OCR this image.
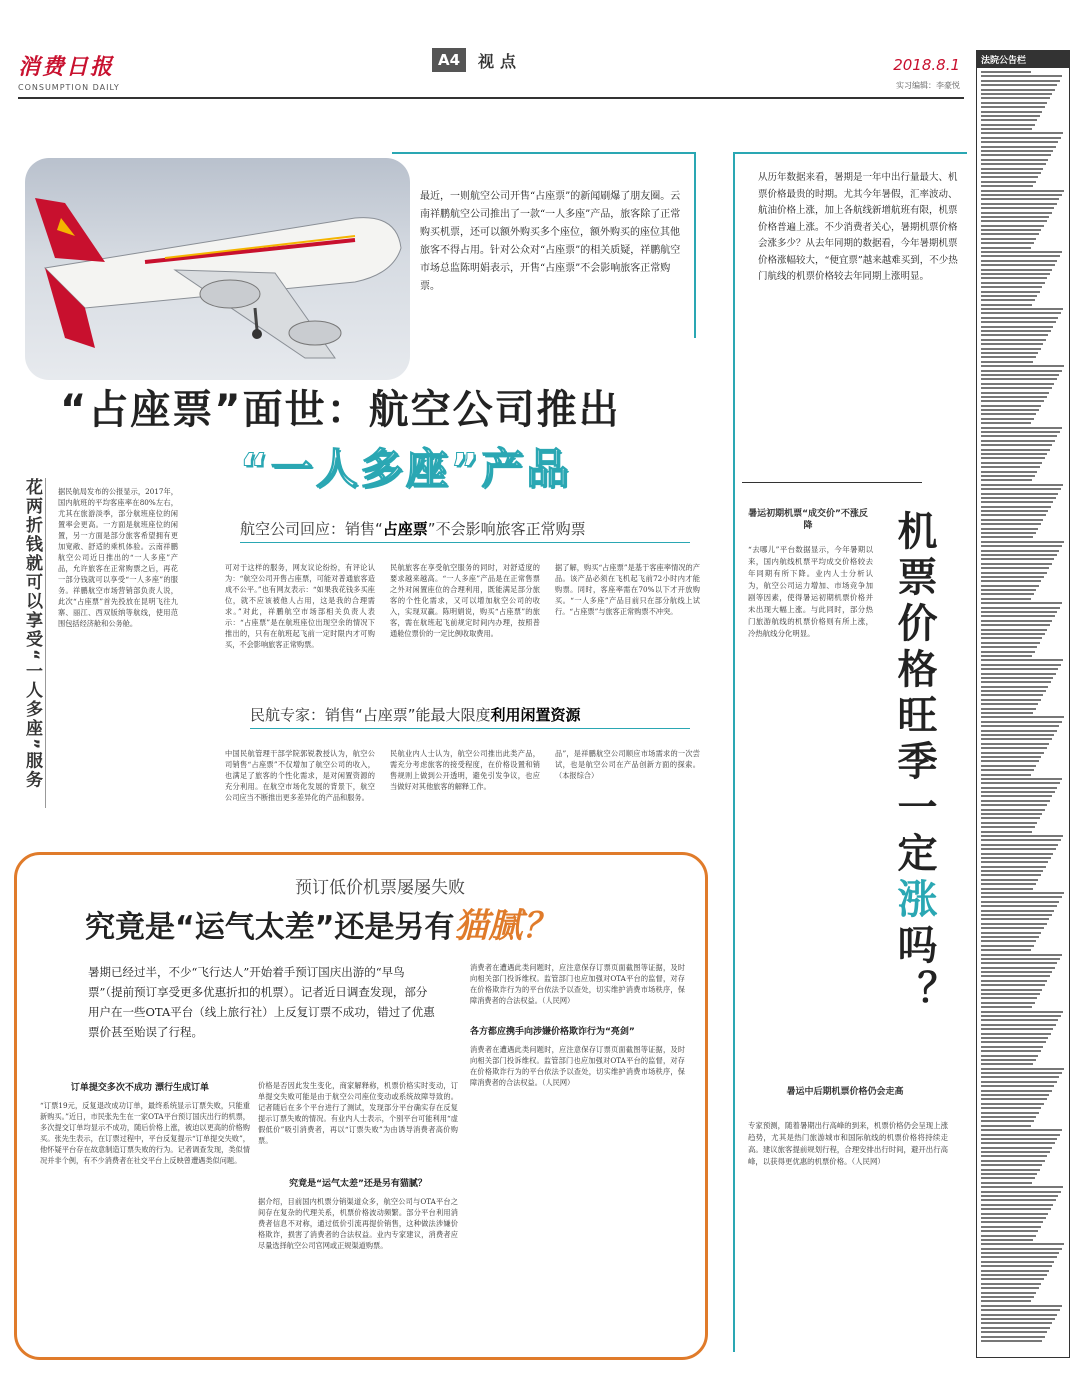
消费日报
CONSUMPTION DAILY
A4	视点	2018.8.1
实习编辑：李豪悦
法院公告栏
最近，一则航空公司开售“占座票”的新闻刷爆了朋友圈。云南祥鹏航空公司推出了一款“一人多座”产品，旅客除了正常购买机票，还可以额外购买多个座位，额外购买的座位其他旅客不得占用。针对公众对“占座票”的相关质疑，祥鹏航空市场总监陈明娟表示，开售“占座票”不会影响旅客正常购票。
“占座票”面世：航空公司推出
“一人多座”产品
花两折钱就可以享受“一人多座”服务	据民航局发布的公报显示，2017年，国内航班的平均客座率在80%左右，尤其在旅游淡季，部分航班座位的闲置率会更高。一方面是航班座位的闲置，另一方面是部分旅客希望拥有更加宽敞、舒适的乘机体验。云南祥鹏航空公司近日推出的“一人多座”产品，允许旅客在正常购票之后，再花一部分钱就可以享受“一人多座”的服务。祥鹏航空市场营销部负责人说，此次“占座票”首先投放在昆明飞往九寨、丽江、西双版纳等航线，使用范围包括经济舱和公务舱。
航空公司回应：销售“占座票”不会影响旅客正常购票
可对于这样的服务，网友议论纷纷，有评论认为：“航空公司开售占座票，可能对普通旅客造成不公平。”也有网友表示：“如果我花钱多买座位，就不应该被他人占用，这是我的合理需求。”对此，祥鹏航空市场部相关负责人表示：“占座票”是在航班座位出现空余的情况下推出的，只有在航班起飞前一定时限内才可购买，不会影响旅客正常购票。
民航旅客在享受航空服务的同时，对舒适度的要求越来越高。“一人多座”产品是在正常售票之外对闲置座位的合理利用，既能满足部分旅客的个性化需求，又可以增加航空公司的收入，实现双赢。陈明娟说，购买“占座票”的旅客，需在航班起飞前规定时间内办理，按照普通舱位票价的一定比例收取费用。
据了解，购买“占座票”是基于客座率情况的产品。该产品必须在飞机起飞前72小时内才能购票。同时，客座率需在70%以下才开放购买。“一人多座”产品目前只在部分航线上试行。“占座票”与旅客正常购票不冲突。
民航专家：销售“占座票”能最大限度利用闲置资源
中国民航管理干部学院郭锐教授认为，航空公司销售“占座票”不仅增加了航空公司的收入，也满足了旅客的个性化需求，是对闲置资源的充分利用。在航空市场化发展的背景下，航空公司应当不断推出更多差异化的产品和服务。
民航业内人士认为，航空公司推出此类产品，需充分考虑旅客的接受程度，在价格设置和销售规则上做到公开透明，避免引发争议，也应当做好对其他旅客的解释工作。
品”，是祥鹏航空公司顺应市场需求的一次尝试，也是航空公司在产品创新方面的探索。（本报综合）
预订低价机票屡屡失败
究竟是“运气太差”还是另有猫腻？
暑期已经过半，不少“飞行达人”开始着手预订国庆出游的“早鸟票”（提前预订享受更多优惠折扣的机票）。记者近日调查发现，部分用户在一些OTA平台（线上旅行社）上反复订票不成功，错过了优惠票价甚至贻误了行程。
订单提交多次不成功 漂行生成订单
“订票19元，反复退改成功订单，最终系统显示订票失败，只能重新购买。”近日，市民张先生在一家OTA平台预订国庆出行的机票，多次提交订单均显示不成功，随后价格上涨，被迫以更高的价格购买。张先生表示，在订票过程中，平台反复提示“订单提交失败”，他怀疑平台存在故意制造订票失败的行为。记者调查发现，类似情况并非个例，有不少消费者在社交平台上反映曾遭遇类似问题。
价格是否因此发生变化，商家解释称，机票价格实时变动，订单提交失败可能是由于航空公司座位变动或系统故障导致的。记者随后在多个平台进行了测试，发现部分平台确实存在反复提示订票失败的情况。有业内人士表示，个别平台可能利用“虚假低价”吸引消费者，再以“订票失败”为由诱导消费者高价购票。
究竟是“运气太差”还是另有猫腻？
据介绍，目前国内机票分销渠道众多，航空公司与OTA平台之间存在复杂的代理关系，机票价格波动频繁。部分平台利用消费者信息不对称，通过低价引流再提价销售，这种做法涉嫌价格欺诈，损害了消费者的合法权益。业内专家建议，消费者应尽量选择航空公司官网或正规渠道购票。
消费者在遭遇此类问题时，应注意保存订票页面截图等证据，及时向相关部门投诉维权。监管部门也应加强对OTA平台的监督，对存在价格欺诈行为的平台依法予以查处，切实维护消费市场秩序，保障消费者的合法权益。（人民网）
各方都应携手向涉嫌价格欺诈行为“亮剑”
消费者在遭遇此类问题时，应注意保存订票页面截图等证据，及时向相关部门投诉维权。监管部门也应加强对OTA平台的监督，对存在价格欺诈行为的平台依法予以查处，切实维护消费市场秩序，保障消费者的合法权益。（人民网）
从历年数据来看，暑期是一年中出行量最大、机票价格最贵的时期。尤其今年暑假，汇率波动、航油价格上涨，加上各航线新增航班有限，机票价格普遍上涨。不少消费者关心，暑期机票价格会涨多少？从去年同期的数据看，今年暑期机票价格涨幅较大，“便宜票”越来越难买到，不少热门航线的机票价格较去年同期上涨明显。
机票价格旺季一定涨吗？
暑运初期机票“成交价”不涨反降
“去哪儿”平台数据显示，今年暑期以来，国内航线机票平均成交价格较去年同期有所下降。业内人士分析认为，航空公司运力增加、市场竞争加剧等因素，使得暑运初期机票价格并未出现大幅上涨。与此同时，部分热门旅游航线的机票价格则有所上涨，冷热航线分化明显。
暑运中后期机票价格仍会走高
专家预测，随着暑期出行高峰的到来，机票价格仍会呈现上涨趋势，尤其是热门旅游城市和国际航线的机票价格将持续走高。建议旅客提前规划行程，合理安排出行时间，避开出行高峰，以获得更优惠的机票价格。（人民网）
